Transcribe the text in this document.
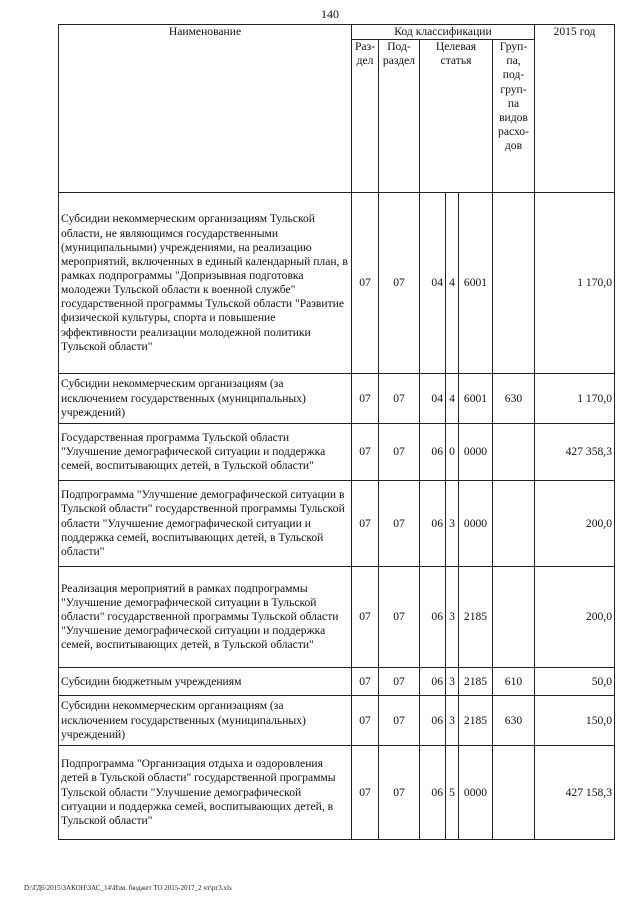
140
Наименование	Код классификации						2015 год
	Раз-дел	Под-раздел	Целевая статья			Груп-па, под-груп-па видов расхо-дов	
Субсидии некоммерческим организациям Тульской области, не являющимся государственными (муниципальными) учреждениями, на реализацию мероприятий, включенных в единый календарный план, в рамках подпрограммы "Допризывная подготовка молодежи Тульской области к военной службе" государственной программы Тульской области "Развитие физической культуры, спорта и повышение эффективности реализации молодежной политики Тульской области"	07	07	04	4	6001		1 170,0
Субсидии некоммерческим организациям (за исключением государственных (муниципальных) учреждений)	07	07	04	4	6001	630	1 170,0
Государственная программа Тульской области "Улучшение демографической ситуации и поддержка семей, воспитывающих детей, в Тульской области"	07	07	06	0	0000		427 358,3
Подпрограмма "Улучшение демографической ситуации в Тульской области" государственной программы Тульской области "Улучшение демографической ситуации и поддержка семей, воспитывающих детей, в Тульской области"	07	07	06	3	0000		200,0
Реализация мероприятий в рамках подпрограммы "Улучшение демографической ситуации в Тульской области" государственной программы Тульской области "Улучшение демографической ситуации и поддержка семей, воспитывающих детей, в Тульской области"	07	07	06	3	2185		200,0
Субсидии бюджетным учреждениям	07	07	06	3	2185	610	50,0
Субсидии некоммерческим организациям (за исключением государственных (муниципальных) учреждений)	07	07	06	3	2185	630	150,0
Подпрограмма "Организация отдыха и оздоровления детей в Тульской области" государственной программы Тульской области "Улучшение демографической ситуации и поддержка семей, воспитывающих детей, в Тульской области"	07	07	06	5	0000		427 158,3
D:\ГД6\2015\ЗАКОН\ЗАС_14\Изм. бюджет ТО 2015-2017_2 чт\рг3.xls
